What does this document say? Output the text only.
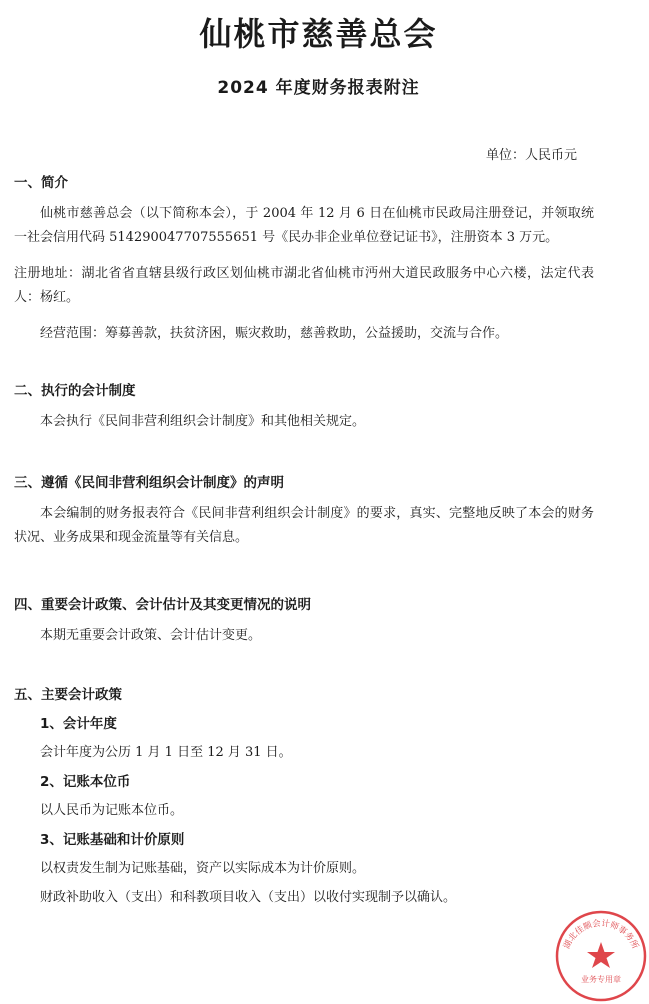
仙桃市慈善总会
2024 年度财务报表附注
单位：人民币元
一、简介
仙桃市慈善总会（以下简称本会），于 2004 年 12 月 6 日在仙桃市民政局注册登记，并领取统一社会信用代码 514290047707555651 号《民办非企业单位登记证书》，注册资本 3 万元。
注册地址：湖北省省直辖县级行政区划仙桃市湖北省仙桃市沔州大道民政服务中心六楼，法定代表人：杨红。
经营范围：筹募善款，扶贫济困，赈灾救助，慈善救助，公益援助，交流与合作。
二、执行的会计制度
本会执行《民间非营利组织会计制度》和其他相关规定。
三、遵循《民间非营利组织会计制度》的声明
本会编制的财务报表符合《民间非营利组织会计制度》的要求，真实、完整地反映了本会的财务状况、业务成果和现金流量等有关信息。
四、重要会计政策、会计估计及其变更情况的说明
本期无重要会计政策、会计估计变更。
五、主要会计政策
1、会计年度
会计年度为公历 1 月 1 日至 12 月 31 日。
2、记账本位币
以人民币为记账本位币。
3、记账基础和计价原则
以权责发生制为记账基础，资产以实际成本为计价原则。
财政补助收入（支出）和科教项目收入（支出）以收付实现制予以确认。
湖北佳顺会计师事务所
业务专用章
